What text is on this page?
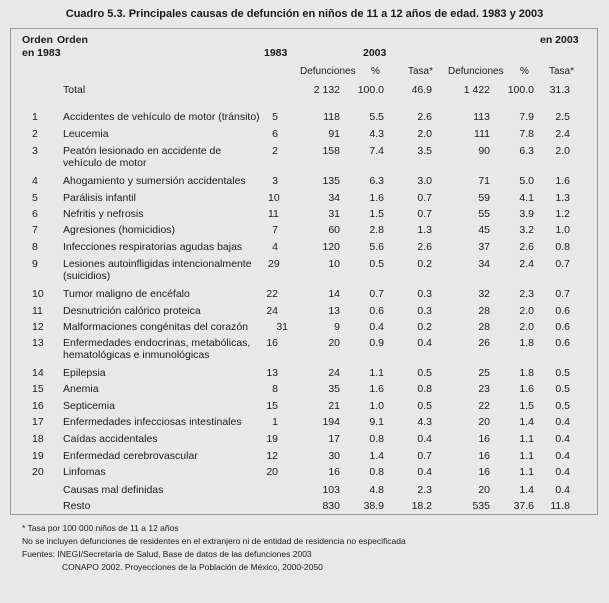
Cuadro 5.3. Principales causas de defunción en niños de 11 a 12 años de edad. 1983 y 2003
Orden Orden
en 1983
en 2003
1983	2003
Defunciones %	Tasa* Defunciones % Tasa*
Total	2 132	100.0	46.9	1 422	100.0	31.3
1 Accidentes de vehículo de motor (tránsito)	5	118	5.5	2.6	113	7.9	2.5
2 Leucemia	6	91	4.3	2.0	111	7.8	2.4
3 Peatón lesionado en accidente de vehículo de motor
2	158	7.4	3.5	90	6.3	2.0
4 Ahogamiento y sumersión accidentales	3	135	6.3	3.0	71	5.0	1.6
5 Parálisis infantil	10	34	1.6	0.7	59	4.1	1.3
6 Nefritis y nefrosis	11	31	1.5	0.7	55	3.9	1.2
7 Agresiones (homicidios)	7	60	2.8	1.3	45	3.2	1.0
8 Infecciones respiratorias agudas bajas	4	120	5.6	2.6	37	2.6	0.8
9 Lesiones autoinfligidas intencionalmente (suicidios)
29	10	0.5	0.2	34	2.4	0.7
10 Tumor maligno de encéfalo	22	14	0.7	0.3	32	2.3	0.7
11 Desnutrición calórico proteica	24	13	0.6	0.3	28	2.0	0.6
12 Malformaciones congénitas del corazón	31	9	0.4	0.2	28	2.0	0.6
13 Enfermedades endocrinas, metabólicas, hematológicas e inmunológicas
16	20	0.9	0.4	26	1.8	0.6
14 Epilepsia	13	24	1.1	0.5	25	1.8	0.5
15 Anemia	8	35	1.6	0.8	23	1.6	0.5
16 Septicemia	15	21	1.0	0.5	22	1.5	0.5
17 Enfermedades infecciosas intestinales	1	194	9.1	4.3	20	1.4	0.4
18 Caídas accidentales	19	17	0.8	0.4	16	1.1	0.4
19 Enfermedad cerebrovascular	12	30	1.4	0.7	16	1.1	0.4
20 Linfomas	20	16	0.8	0.4	16	1.1	0.4
Causas mal definidas	103	4.8	2.3	20	1.4	0.4
Resto	830	38.9	18.2	535	37.6	11.8
* Tasa por 100 000 niños de 11 a 12 años
No se incluyen defunciones de residentes en el extranjero ni de entidad de residencia no especificada
Fuentes: INEGI/Secretaría de Salud, Base de datos de las defunciones 2003
CONAPO 2002. Proyecciones de la Población de México, 2000-2050
